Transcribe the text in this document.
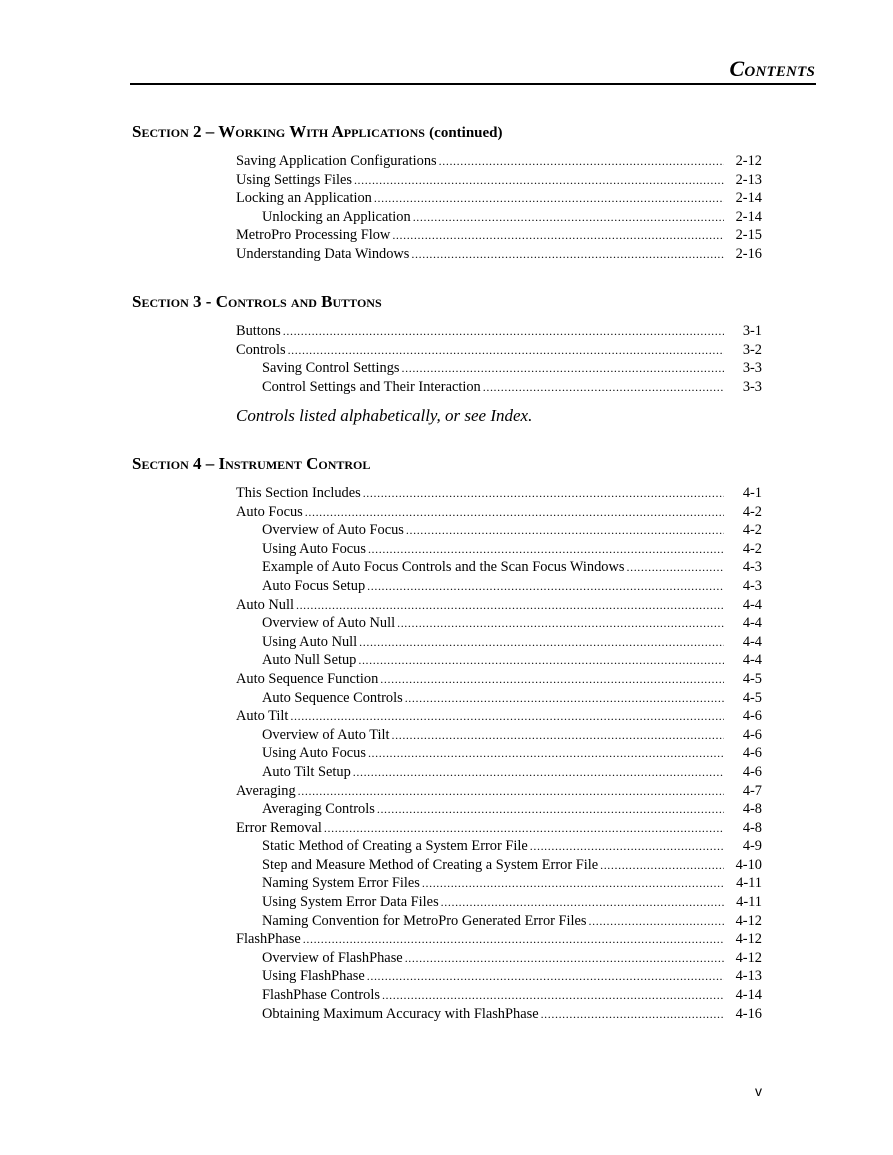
Contents
Section 2 – Working With Applications (continued)
Saving Application Configurations .....	2-12
Using Settings Files .....	2-13
Locking an Application .....	2-14
Unlocking an Application .....	2-14
MetroPro Processing Flow .....	2-15
Understanding Data Windows .....	2-16
Section 3 - Controls and Buttons
Buttons .....	3-1
Controls .....	3-2
Saving Control Settings .....	3-3
Control Settings and Their Interaction .....	3-3
Controls listed alphabetically, or see Index.
Section 4 – Instrument Control
This Section Includes .....	4-1
Auto Focus .....	4-2
Overview of Auto Focus .....	4-2
Using Auto Focus .....	4-2
Example of Auto Focus Controls and the Scan Focus Windows .....	4-3
Auto Focus Setup .....	4-3
Auto Null .....	4-4
Overview of Auto Null .....	4-4
Using Auto Null .....	4-4
Auto Null Setup .....	4-4
Auto Sequence Function .....	4-5
Auto Sequence Controls .....	4-5
Auto Tilt .....	4-6
Overview of Auto Tilt .....	4-6
Using Auto Focus .....	4-6
Auto Tilt Setup .....	4-6
Averaging .....	4-7
Averaging Controls .....	4-8
Error Removal .....	4-8
Static Method of Creating a System Error File .....	4-9
Step and Measure Method of Creating a System Error File .....	4-10
Naming System Error Files .....	4-11
Using System Error Data Files .....	4-11
Naming Convention for MetroPro Generated Error Files .....	4-12
FlashPhase .....	4-12
Overview of FlashPhase .....	4-12
Using FlashPhase .....	4-13
FlashPhase Controls .....	4-14
Obtaining Maximum Accuracy with FlashPhase .....	4-16
v
